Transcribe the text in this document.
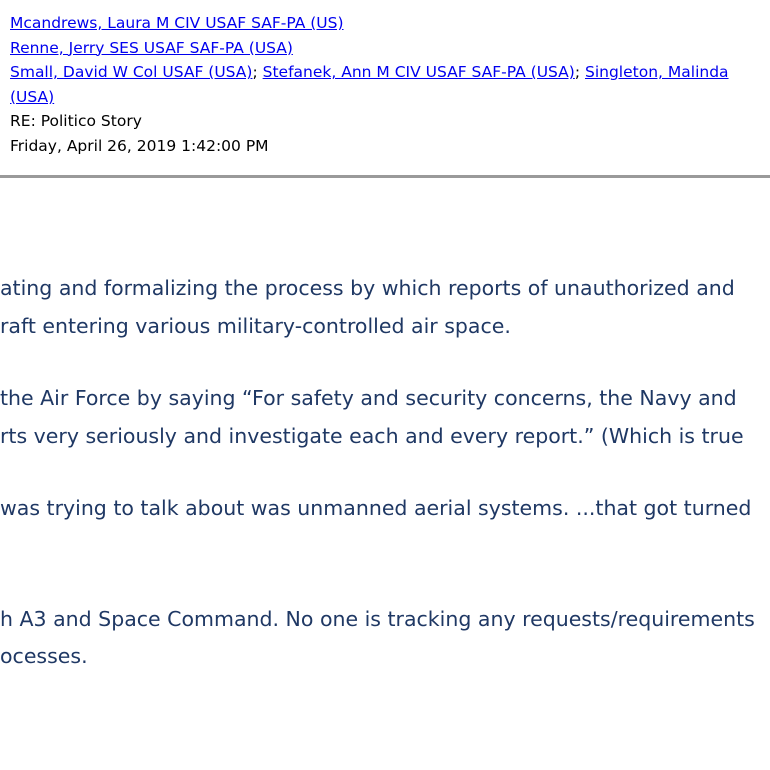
Mcandrews, Laura M CIV USAF SAF-PA (US)
Renne, Jerry SES USAF SAF-PA (USA)
Small, David W Col USAF (USA); Stefanek, Ann M CIV USAF SAF-PA (USA); Singleton, Malinda
(USA)
RE: Politico Story
Friday, April 26, 2019 1:42:00 PM
ating and formalizing the process by which reports of unauthorized and
raft entering various military-controlled air space.
the Air Force by saying “For safety and security concerns, the Navy and
rts very seriously and investigate each and every report.” (Which is true
was trying to talk about was unmanned aerial systems. ...that got turned
h A3 and Space Command. No one is tracking any requests/requirements
ocesses.
